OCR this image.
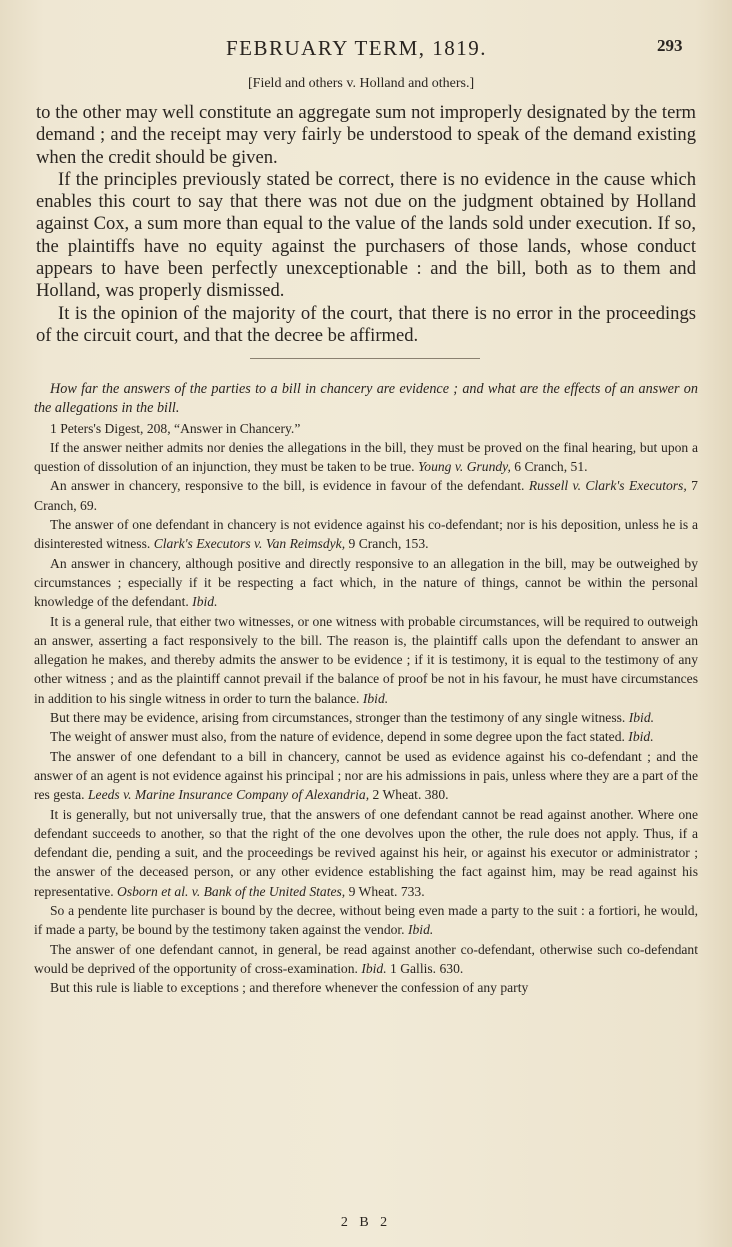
FEBRUARY TERM, 1819.	293
[Field and others v. Holland and others.]

to the other may well constitute an aggregate sum not improperly designated by the term demand ; and the receipt may very fairly be understood to speak of the demand existing when the credit should be given.

If the principles previously stated be correct, there is no evidence in the cause which enables this court to say that there was not due on the judgment obtained by Holland against Cox, a sum more than equal to the value of the lands sold under execution. If so, the plaintiffs have no equity against the purchasers of those lands, whose conduct appears to have been perfectly unexceptionable : and the bill, both as to them and Holland, was properly dismissed.

It is the opinion of the majority of the court, that there is no error in the proceedings of the circuit court, and that the decree be affirmed.

How far the answers of the parties to a bill in chancery are evidence ; and what are the effects of an answer on the allegations in the bill.

1 Peters's Digest, 208, “Answer in Chancery.”

If the answer neither admits nor denies the allegations in the bill, they must be proved on the final hearing, but upon a question of dissolution of an injunction, they must be taken to be true. Young v. Grundy, 6 Cranch, 51.

An answer in chancery, responsive to the bill, is evidence in favour of the defendant. Russell v. Clark's Executors, 7 Cranch, 69.

The answer of one defendant in chancery is not evidence against his co-defendant; nor is his deposition, unless he is a disinterested witness. Clark's Executors v. Van Reimsdyk, 9 Cranch, 153.

An answer in chancery, although positive and directly responsive to an allegation in the bill, may be outweighed by circumstances ; especially if it be respecting a fact which, in the nature of things, cannot be within the personal knowledge of the defendant. Ibid.

It is a general rule, that either two witnesses, or one witness with probable circumstances, will be required to outweigh an answer, asserting a fact responsively to the bill. The reason is, the plaintiff calls upon the defendant to answer an allegation he makes, and thereby admits the answer to be evidence ; if it is testimony, it is equal to the testimony of any other witness ; and as the plaintiff cannot prevail if the balance of proof be not in his favour, he must have circumstances in addition to his single witness in order to turn the balance. Ibid.

But there may be evidence, arising from circumstances, stronger than the testimony of any single witness. Ibid.

The weight of answer must also, from the nature of evidence, depend in some degree upon the fact stated. Ibid.

The answer of one defendant to a bill in chancery, cannot be used as evidence against his co-defendant ; and the answer of an agent is not evidence against his principal ; nor are his admissions in pais, unless where they are a part of the res gesta. Leeds v. Marine Insurance Company of Alexandria, 2 Wheat. 380.

It is generally, but not universally true, that the answers of one defendant cannot be read against another. Where one defendant succeeds to another, so that the right of the one devolves upon the other, the rule does not apply. Thus, if a defendant die, pending a suit, and the proceedings be revived against his heir, or against his executor or administrator ; the answer of the deceased person, or any other evidence establishing the fact against him, may be read against his representative. Osborn et al. v. Bank of the United States, 9 Wheat. 733.

So a pendente lite purchaser is bound by the decree, without being even made a party to the suit : a fortiori, he would, if made a party, be bound by the testimony taken against the vendor. Ibid.

The answer of one defendant cannot, in general, be read against another co-defendant, otherwise such co-defendant would be deprived of the opportunity of cross-examination. Ibid. 1 Gallis. 630.

But this rule is liable to exceptions ; and therefore whenever the confession of any party

2 B 2
